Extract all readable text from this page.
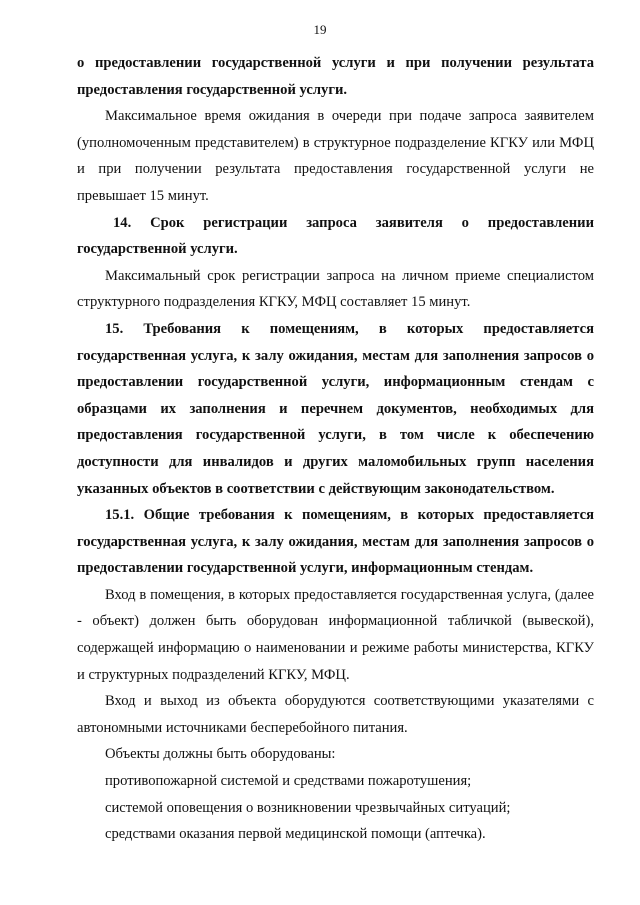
19

о предоставлении государственной услуги и при получении результата предоставления государственной услуги.

Максимальное время ожидания в очереди при подаче запроса заявителем (уполномоченным представителем) в структурное подразделение КГКУ или МФЦ и при получении результата предоставления государственной услуги не превышает 15 минут.

14. Срок регистрации запроса заявителя о предоставлении государственной услуги.

Максимальный срок регистрации запроса на личном приеме специалистом структурного подразделения КГКУ, МФЦ составляет 15 минут.

15. Требования к помещениям, в которых предоставляется государственная услуга, к залу ожидания, местам для заполнения запросов о предоставлении государственной услуги, информационным стендам с образцами их заполнения и перечнем документов, необходимых для предоставления государственной услуги, в том числе к обеспечению доступности для инвалидов и других маломобильных групп населения указанных объектов в соответствии с действующим законодательством.

15.1. Общие требования к помещениям, в которых предоставляется государственная услуга, к залу ожидания, местам для заполнения запросов о предоставлении государственной услуги, информационным стендам.

Вход в помещения, в которых предоставляется государственная услуга, (далее - объект) должен быть оборудован информационной табличкой (вывеской), содержащей информацию о наименовании и режиме работы министерства, КГКУ и структурных подразделений КГКУ, МФЦ.

Вход и выход из объекта оборудуются соответствующими указателями с автономными источниками бесперебойного питания.

Объекты должны быть оборудованы:

противопожарной системой и средствами пожаротушения;

системой оповещения о возникновении чрезвычайных ситуаций;

средствами оказания первой медицинской помощи (аптечка).
